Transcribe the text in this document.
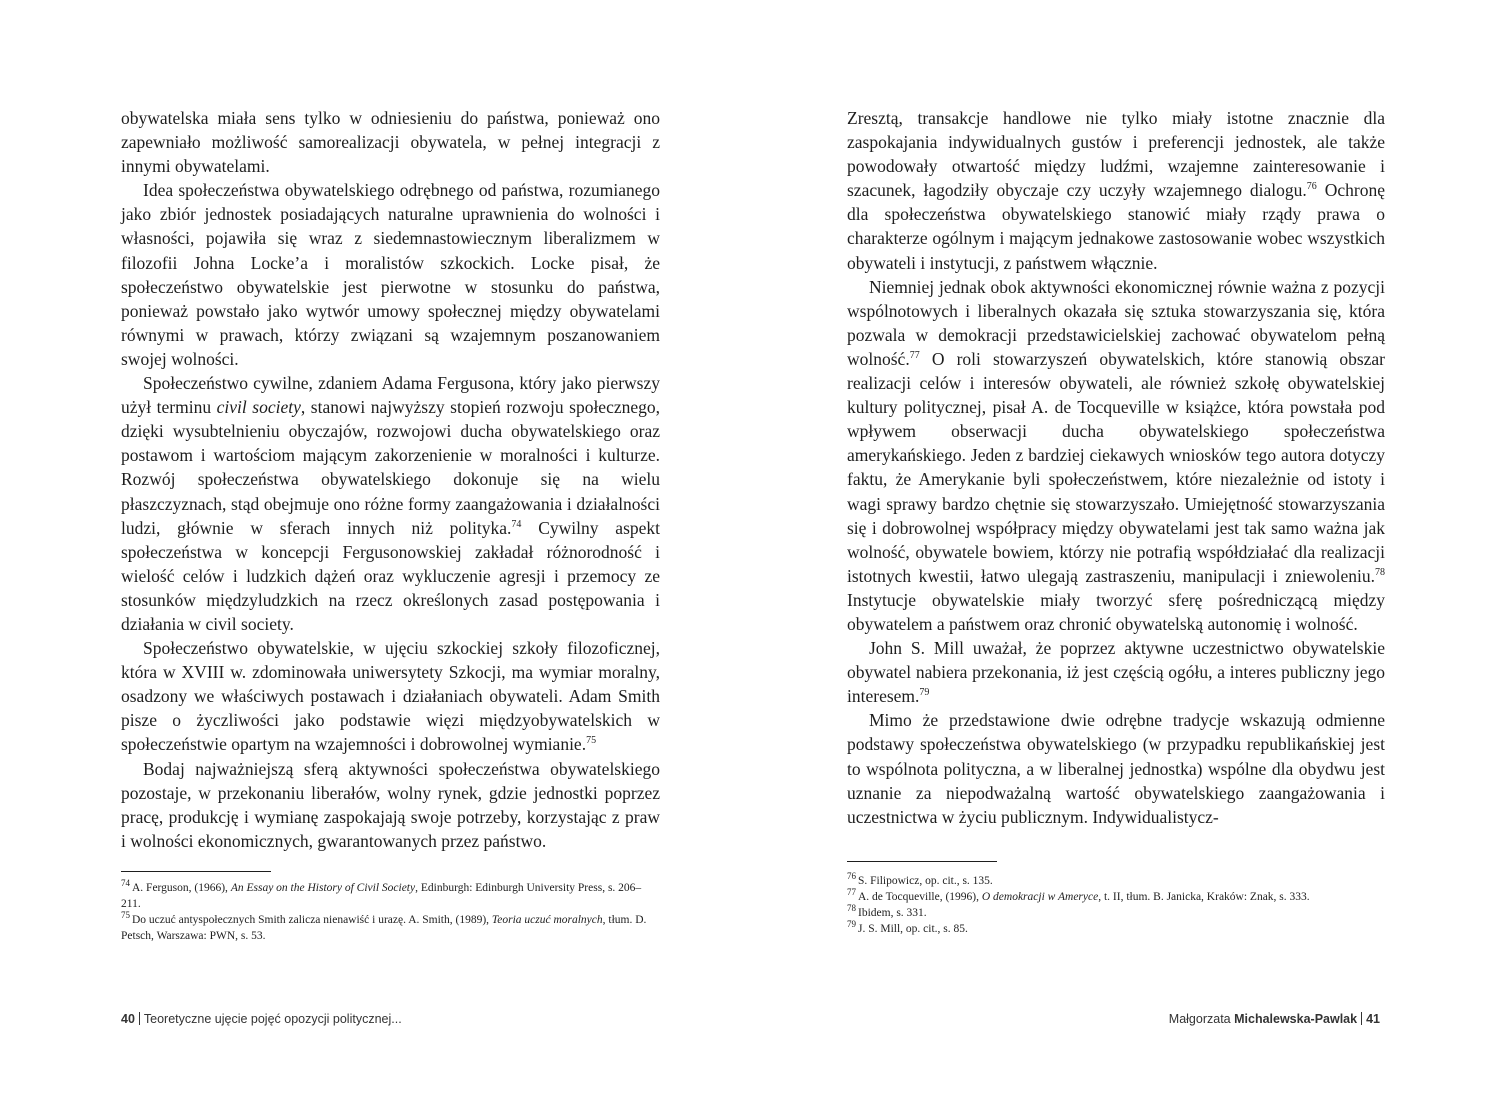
obywatelska miała sens tylko w odniesieniu do państwa, ponieważ ono zapewniało możliwość samorealizacji obywatela, w pełnej integracji z innymi obywatelami.

Idea społeczeństwa obywatelskiego odrębnego od państwa, rozumianego jako zbiór jednostek posiadających naturalne uprawnienia do wolności i własności, pojawiła się wraz z siedemnastowiecznym liberalizmem w filozofii Johna Locke’a i moralistów szkockich. Locke pisał, że społeczeństwo obywatelskie jest pierwotne w stosunku do państwa, ponieważ powstało jako wytwór umowy społecznej między obywatelami równymi w prawach, którzy związani są wzajemnym poszanowaniem swojej wolności.

Społeczeństwo cywilne, zdaniem Adama Fergusona, który jako pierwszy użył terminu civil society, stanowi najwyższy stopień rozwoju społecznego, dzięki wysubtelnieniu obyczajów, rozwojowi ducha obywatelskiego oraz postawom i wartościom mającym zakorzenienie w moralności i kulturze. Rozwój społeczeństwa obywatelskiego dokonuje się na wielu płaszczyznach, stąd obejmuje ono różne formy zaangażowania i działalności ludzi, głównie w sferach innych niż polityka.$^{74}$ Cywilny aspekt społeczeństwa w koncepcji Fergusonowskiej zakładał różnorodność i wielość celów i ludzkich dążeń oraz wykluczenie agresji i przemocy ze stosunków międzyludzkich na rzecz określonych zasad postępowania i działania w civil society.

Społeczeństwo obywatelskie, w ujęciu szkockiej szkoły filozoficznej, która w XVIII w. zdominowała uniwersytety Szkocji, ma wymiar moralny, osadzony we właściwych postawach i działaniach obywateli. Adam Smith pisze o życzliwości jako podstawie więzi międzyobywatelskich w społeczeństwie opartym na wzajemności i dobrowolnej wymianie.$^{75}$

Bodaj najważniejszą sferą aktywności społeczeństwa obywatelskiego pozostaje, w przekonaniu liberałów, wolny rynek, gdzie jednostki poprzez pracę, produkcję i wymianę zaspokajają swoje potrzeby, korzystając z praw i wolności ekonomicznych, gwarantowanych przez państwo.

$^{74}$ A. Ferguson, (1966), An Essay on the History of Civil Society, Edinburgh: Edinburgh University Press, s. 206–211.

$^{75}$ Do uczuć antyspołecznych Smith zalicza nienawiść i urazę. A. Smith, (1989), Teoria uczuć moralnych, tłum. D. Petsch, Warszawa: PWN, s. 53.

40 Teoretyczne ujęcie pojęć opozycji politycznej...

Zresztą, transakcje handlowe nie tylko miały istotne znacznie dla zaspokajania indywidualnych gustów i preferencji jednostek, ale także powodowały otwartość między ludźmi, wzajemne zainteresowanie i szacunek, łagodziły obyczaje czy uczyły wzajemnego dialogu.$^{76}$ Ochronę dla społeczeństwa obywatelskiego stanowić miały rządy prawa o charakterze ogólnym i mającym jednakowe zastosowanie wobec wszystkich obywateli i instytucji, z państwem włącznie.

Niemniej jednak obok aktywności ekonomicznej równie ważna z pozycji wspólnotowych i liberalnych okazała się sztuka stowarzyszania się, która pozwala w demokracji przedstawicielskiej zachować obywatelom pełną wolność.$^{77}$ O roli stowarzyszeń obywatelskich, które stanowią obszar realizacji celów i interesów obywateli, ale również szkołę obywatelskiej kultury politycznej, pisał A. de Tocqueville w książce, która powstała pod wpływem obserwacji ducha obywatelskiego społeczeństwa amerykańskiego. Jeden z bardziej ciekawych wniosków tego autora dotyczy faktu, że Amerykanie byli społeczeństwem, które niezależnie od istoty i wagi sprawy bardzo chętnie się stowarzyszało. Umiejętność stowarzyszania się i dobrowolnej współpracy między obywatelami jest tak samo ważna jak wolność, obywatele bowiem, którzy nie potrafią współdziałać dla realizacji istotnych kwestii, łatwo ulegają zastraszeniu, manipulacji i zniewoleniu.$^{78}$ Instytucje obywatelskie miały tworzyć sferę pośredniczącą między obywatelem a państwem oraz chronić obywatelską autonomię i wolność.

John S. Mill uważał, że poprzez aktywne uczestnictwo obywatelskie obywatel nabiera przekonania, iż jest częścią ogółu, a interes publiczny jego interesem.$^{79}$

Mimo że przedstawione dwie odrębne tradycje wskazują odmienne podstawy społeczeństwa obywatelskiego (w przypadku republikańskiej jest to wspólnota polityczna, a w liberalnej jednostka) wspólne dla obydwu jest uznanie za niepodważalną wartość obywatelskiego zaangażowania i uczestnictwa w życiu publicznym. Indywidualistycz-

$^{76}$ S. Filipowicz, op. cit., s. 135.

$^{77}$ A. de Tocqueville, (1996), O demokracji w Ameryce, t. II, tłum. B. Janicka, Kraków: Znak, s. 333.

$^{78}$ Ibidem, s. 331.

$^{79}$ J. S. Mill, op. cit., s. 85.

Małgorzata Michalewska-Pawlak 41
